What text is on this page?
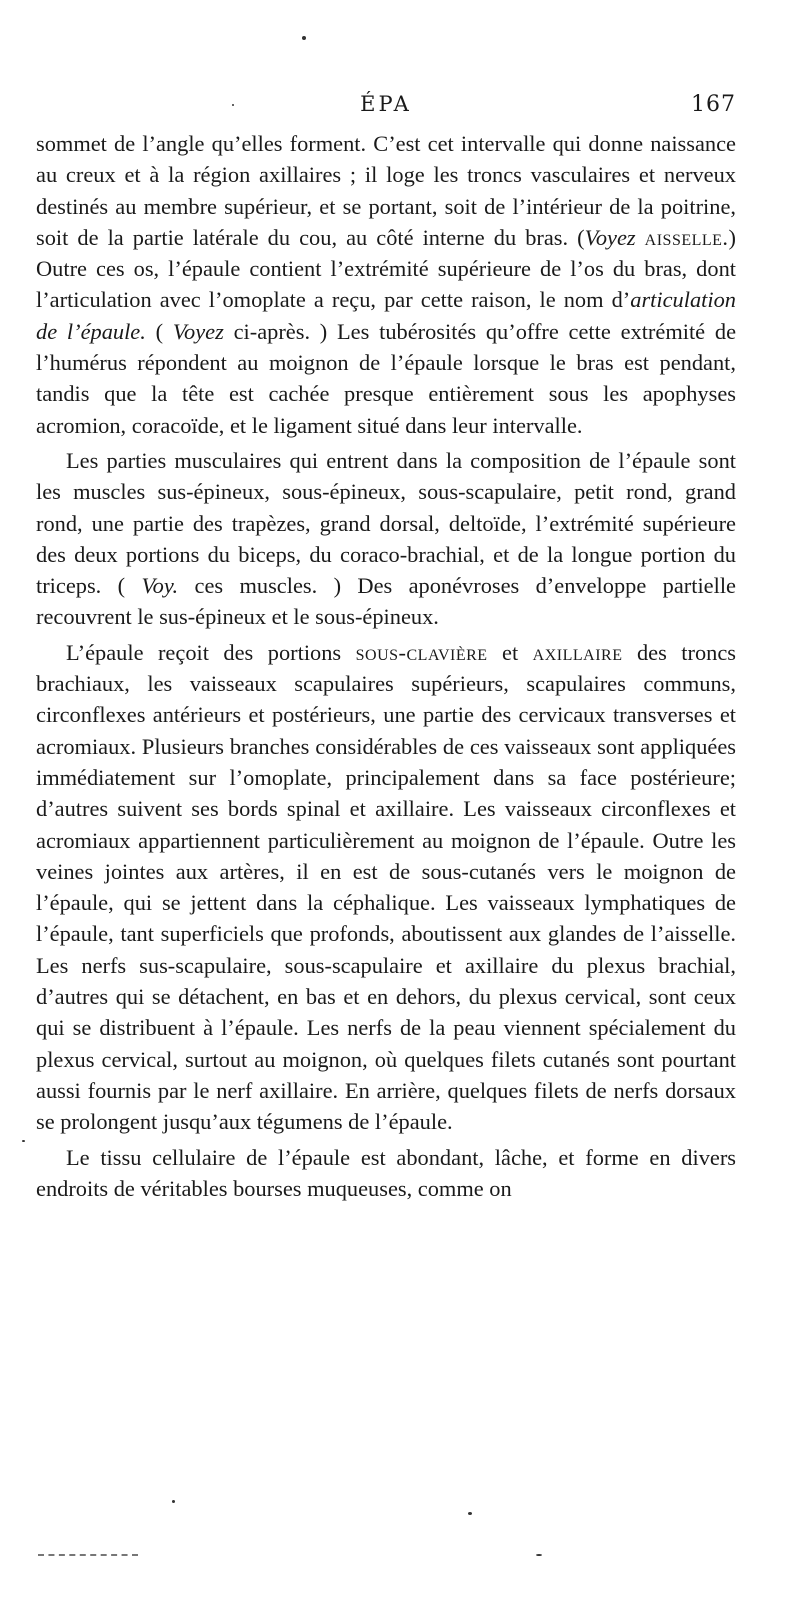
ÉPA	167

sommet de l’angle qu’elles forment. C’est cet intervalle qui donne naissance au creux et à la région axillaires ; il loge les troncs vasculaires et nerveux destinés au membre supérieur, et se portant, soit de l’intérieur de la poitrine, soit de la partie latérale du cou, au côté interne du bras. (Voyez aisselle.) Outre ces os, l’épaule contient l’extrémité supérieure de l’os du bras, dont l’articulation avec l’omoplate a reçu, par cette raison, le nom d’articulation de l’épaule. ( Voyez ci-après. ) Les tubérosités qu’offre cette extrémité de l’humérus répondent au moignon de l’épaule lorsque le bras est pendant, tandis que la tête est cachée presque entièrement sous les apophyses acromion, coracoïde, et le ligament situé dans leur intervalle.

Les parties musculaires qui entrent dans la composition de l’épaule sont les muscles sus-épineux, sous-épineux, sous-scapulaire, petit rond, grand rond, une partie des trapèzes, grand dorsal, deltoïde, l’extrémité supérieure des deux portions du biceps, du coraco-brachial, et de la longue portion du triceps. ( Voy. ces muscles. ) Des aponévroses d’enveloppe partielle recouvrent le sus-épineux et le sous-épineux.

L’épaule reçoit des portions sous-clavière et axillaire des troncs brachiaux, les vaisseaux scapulaires supérieurs, scapulaires communs, circonflexes antérieurs et postérieurs, une partie des cervicaux transverses et acromiaux. Plusieurs branches considérables de ces vaisseaux sont appliquées immédiatement sur l’omoplate, principalement dans sa face postérieure; d’autres suivent ses bords spinal et axillaire. Les vaisseaux circonflexes et acromiaux appartiennent particulièrement au moignon de l’épaule. Outre les veines jointes aux artères, il en est de sous-cutanés vers le moignon de l’épaule, qui se jettent dans la céphalique. Les vaisseaux lymphatiques de l’épaule, tant superficiels que profonds, aboutissent aux glandes de l’aisselle. Les nerfs sus-scapulaire, sous-scapulaire et axillaire du plexus brachial, d’autres qui se détachent, en bas et en dehors, du plexus cervical, sont ceux qui se distribuent à l’épaule. Les nerfs de la peau viennent spécialement du plexus cervical, surtout au moignon, où quelques filets cutanés sont pourtant aussi fournis par le nerf axillaire. En arrière, quelques filets de nerfs dorsaux se prolongent jusqu’aux tégumens de l’épaule.

Le tissu cellulaire de l’épaule est abondant, lâche, et forme en divers endroits de véritables bourses muqueuses, comme on
